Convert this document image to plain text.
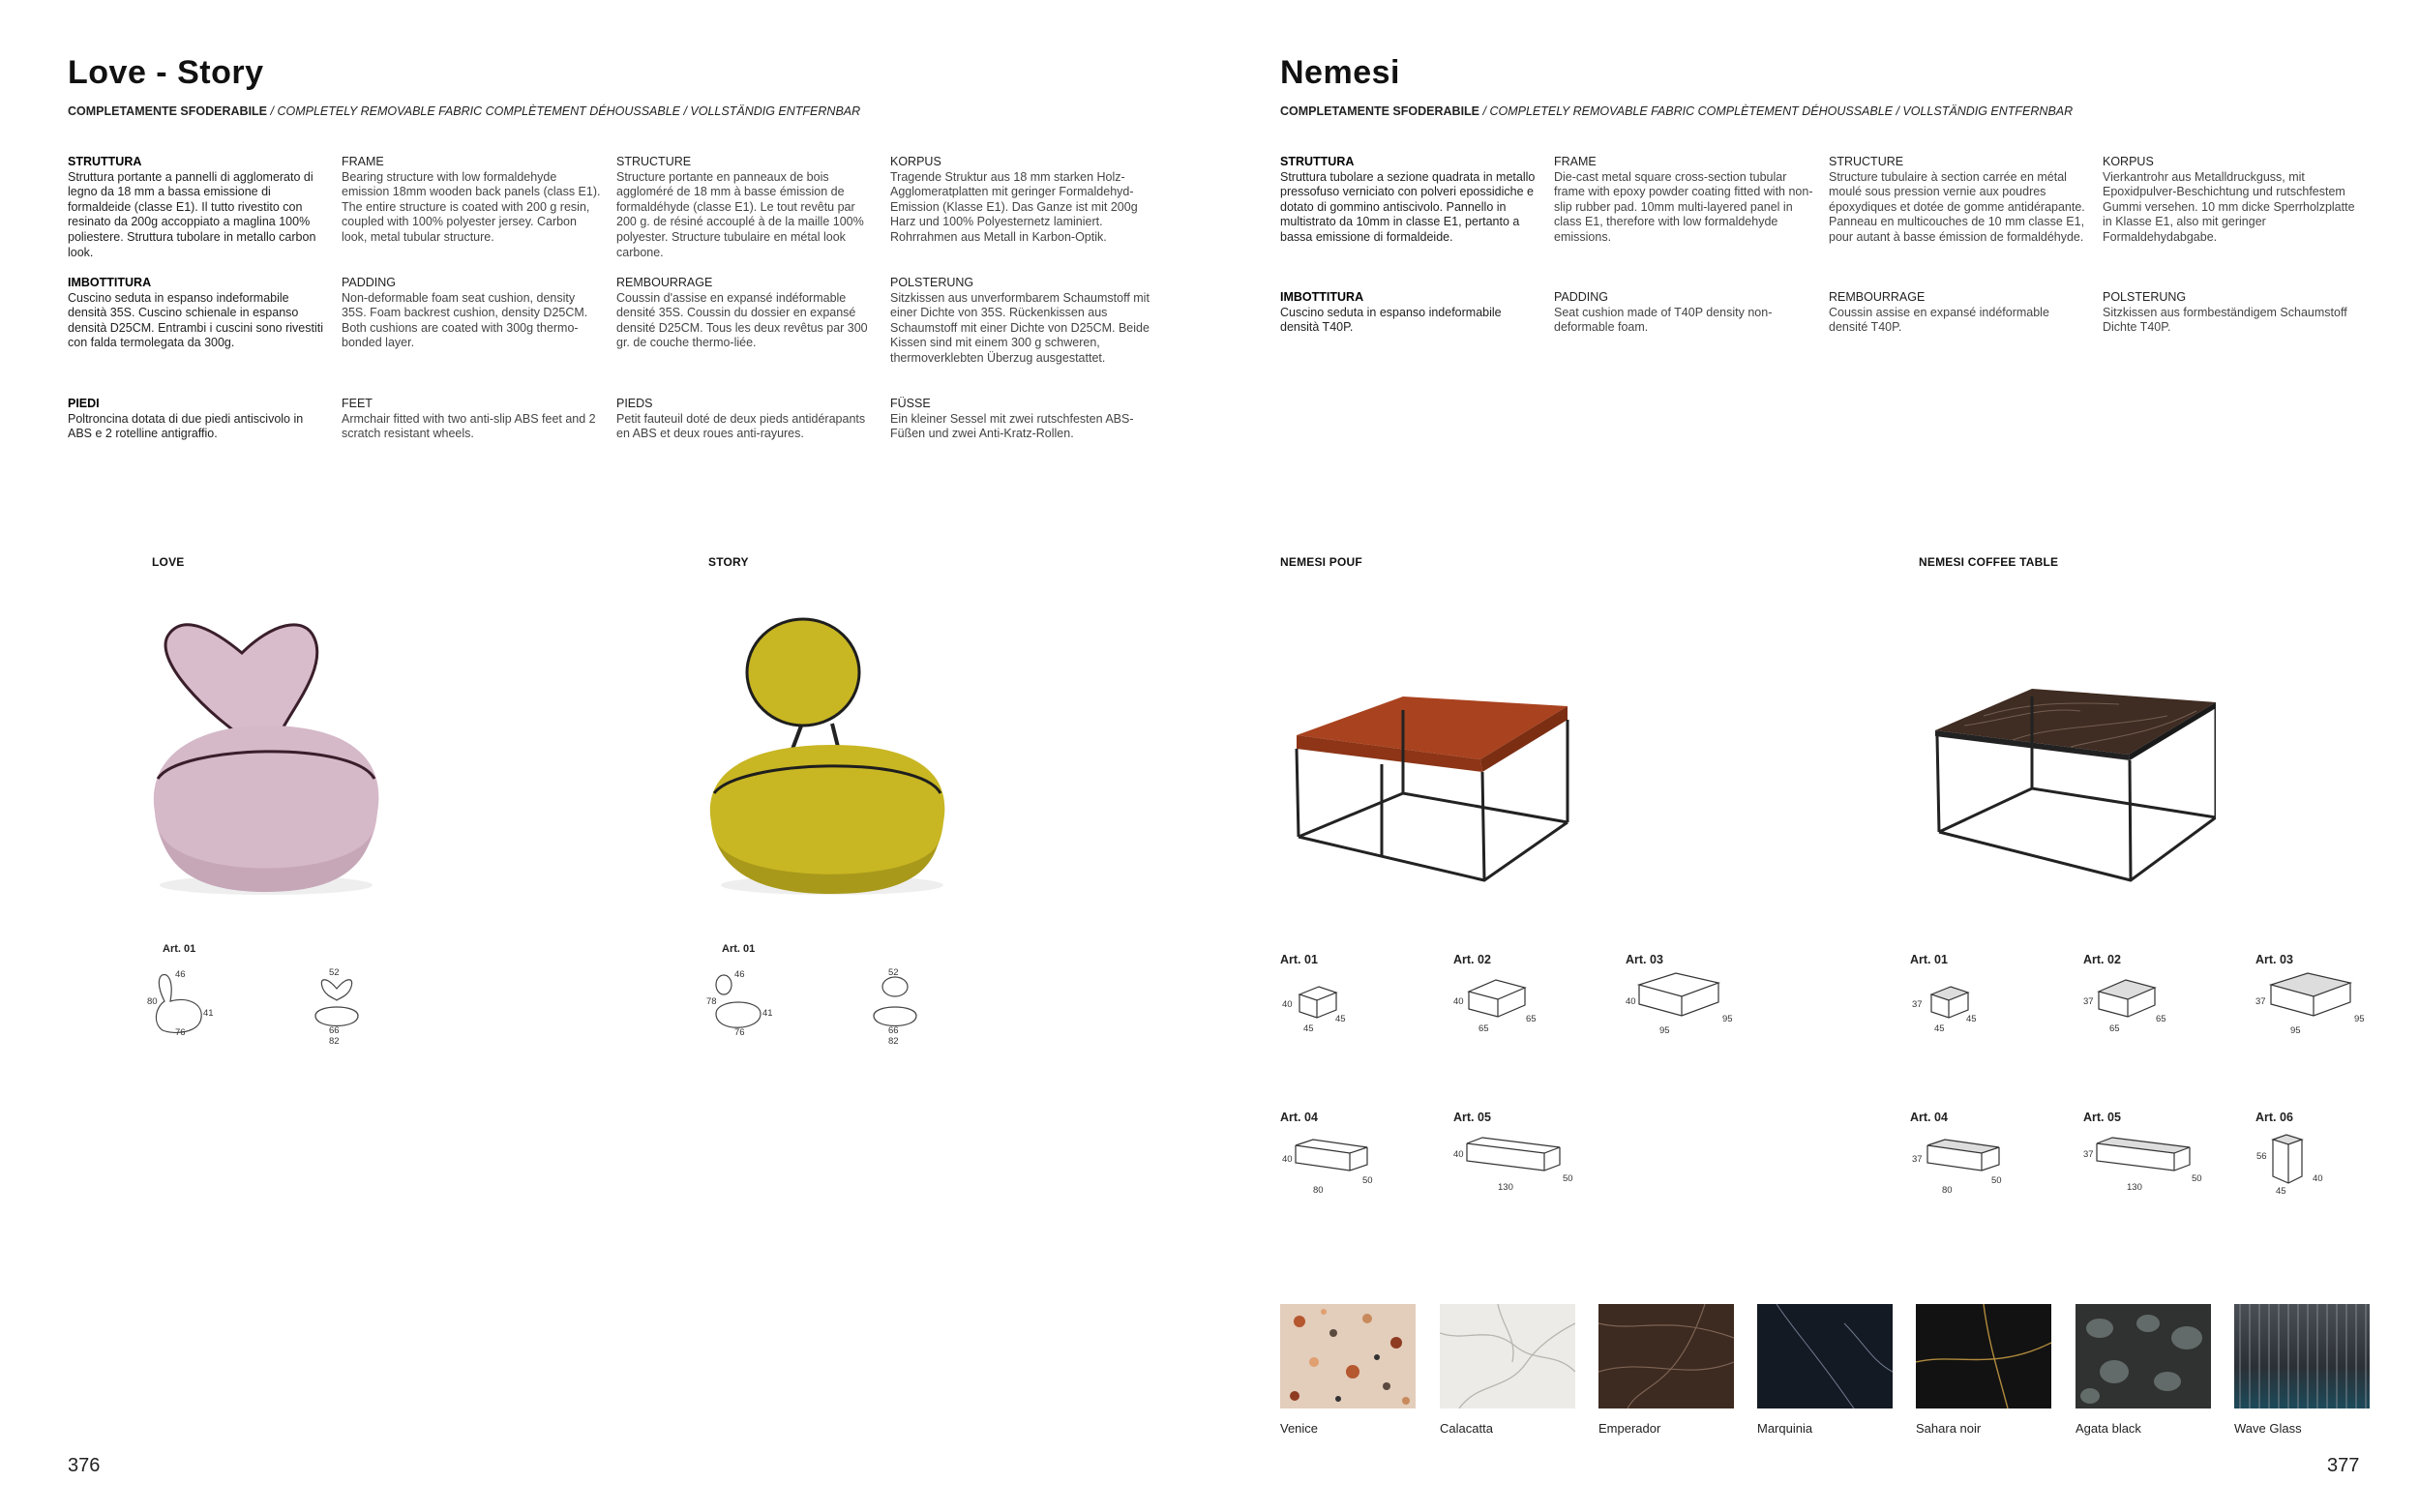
Love - Story
COMPLETAMENTE SFODERABILE / COMPLETELY REMOVABLE FABRIC COMPLÈTEMENT DÉHOUSSABLE / VOLLSTÄNDIG ENTFERNBAR
STRUTTURA
Struttura portante a pannelli di agglomerato di legno da 18 mm a bassa emissione di formaldeide (classe E1). Il tutto rivestito con resinato da 200g accoppiato a maglina 100% poliestere. Struttura tubolare in metallo carbon look.
FRAME
Bearing structure with low formaldehyde emission 18mm wooden back panels (class E1). The entire structure is coated with 200 g resin, coupled with 100% polyester jersey. Carbon look, metal tubular structure.
STRUCTURE
Structure portante en panneaux de bois aggloméré de 18 mm à basse émission de formaldéhyde (classe E1). Le tout revêtu par 200 g. de résiné accouplé à de la maille 100% polyester. Structure tubulaire en métal look carbone.
KORPUS
Tragende Struktur aus 18 mm starken Holz-Agglomeratplatten mit geringer Formaldehyd-Emission (Klasse E1). Das Ganze ist mit 200g Harz und 100% Polyesternetz laminiert. Rohrrahmen aus Metall in Karbon-Optik.
IMBOTTITURA
Cuscino seduta in espanso indeformabile densità 35S. Cuscino schienale in espanso densità D25CM. Entrambi i cuscini sono rivestiti con falda termolegata da 300g.
PADDING
Non-deformable foam seat cushion, density 35S. Foam backrest cushion, density D25CM. Both cushions are coated with 300g thermo-bonded layer.
REMBOURRAGE
Coussin d'assise en expansé indéformable densité 35S. Coussin du dossier en expansé densité D25CM. Tous les deux revêtus par 300 gr. de couche thermo-liée.
POLSTERUNG
Sitzkissen aus unverformbarem Schaumstoff mit einer Dichte von 35S. Rückenkissen aus Schaumstoff mit einer Dichte von D25CM. Beide Kissen sind mit einem 300 g schweren, thermoverklebten Überzug ausgestattet.
PIEDI
Poltroncina dotata di due piedi antiscivolo in ABS e 2 rotelline antigraffio.
FEET
Armchair fitted with two anti-slip ABS feet and 2 scratch resistant wheels.
PIEDS
Petit fauteuil doté de deux pieds antidérapants en ABS et deux roues anti-rayures.
FÜSSE
Ein kleiner Sessel mit zwei rutschfesten ABS-Füßen und zwei Anti-Kratz-Rollen.
LOVE
Art. 01
46
80
41
76
52
66
82
STORY
Art. 01
46
78
41
76
52
66
82
376
Nemesi
COMPLETAMENTE SFODERABILE / COMPLETELY REMOVABLE FABRIC COMPLÈTEMENT DÉHOUSSABLE / VOLLSTÄNDIG ENTFERNBAR
STRUTTURA
Struttura tubolare a sezione quadrata in metallo pressofuso verniciato con polveri epossidiche e dotato di gommino antiscivolo. Pannello in multistrato da 10mm in classe E1, pertanto a bassa emissione di formaldeide.
FRAME
Die-cast metal square cross-section tubular frame with epoxy powder coating fitted with non-slip rubber pad. 10mm multi-layered panel in class E1, therefore with low formaldehyde emissions.
STRUCTURE
Structure tubulaire à section carrée en métal moulé sous pression vernie aux poudres époxydiques et dotée de gomme antidérapante. Panneau en multicouches de 10 mm classe E1, pour autant à basse émission de formaldéhyde.
KORPUS
Vierkantrohr aus Metalldruckguss, mit Epoxidpulver-Beschichtung und rutschfestem Gummi versehen. 10 mm dicke Sperrholzplatte in Klasse E1, also mit geringer Formaldehydabgabe.
IMBOTTITURA
Cuscino seduta in espanso indeformabile densità T40P.
PADDING
Seat cushion made of T40P density non-deformable foam.
REMBOURRAGE
Coussin assise en expansé indéformable densité T40P.
POLSTERUNG
Sitzkissen aus formbeständigem Schaumstoff Dichte T40P.
NEMESI POUF
Art. 01	Art. 02	Art. 03
Art. 04	Art. 05
40
45
45
40
65
65
40
95
95
40
80
50
40
130
50
NEMESI COFFEE TABLE
Art. 01	Art. 02	Art. 03
Art. 04	Art. 05	Art. 06
37
45
45
37
65
65
37
95
95
37
80
50
37
130
50
56
45
40
Venice	Calacatta	Emperador	Marquinia	Sahara noir	Agata black	Wave Glass
377
